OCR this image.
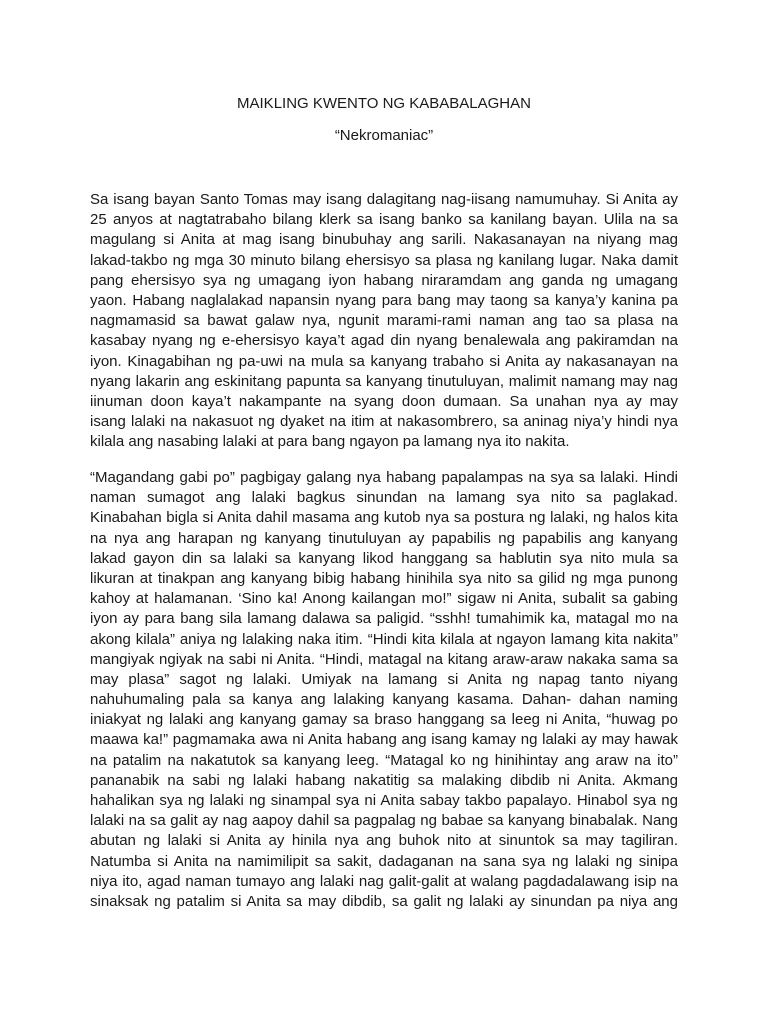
MAIKLING KWENTO NG KABABALAGHAN
“Nekromaniac”
Sa isang bayan Santo Tomas may isang dalagitang nag-iisang namumuhay. Si Anita ay
25 anyos at nagtatrabaho bilang klerk sa isang banko sa kanilang bayan. Ulila na sa
magulang si Anita at mag isang binubuhay ang sarili. Nakasanayan na niyang mag
lakad-takbo ng mga 30 minuto bilang ehersisyo sa plasa ng kanilang lugar. Naka damit
pang ehersisyo sya ng umagang iyon habang niraramdam ang ganda ng umagang
yaon. Habang naglalakad napansin nyang para bang may taong sa kanya’y kanina pa
nagmamasid sa bawat galaw nya, ngunit marami-rami naman ang tao sa plasa na
kasabay nyang ng e-ehersisyo kaya’t agad din nyang benalewala ang pakiramdan na
iyon. Kinagabihan ng pa-uwi na mula sa kanyang trabaho si Anita ay nakasanayan na
nyang lakarin ang eskinitang papunta sa kanyang tinutuluyan, malimit namang may nag
iinuman doon kaya’t nakampante na syang doon dumaan. Sa unahan nya ay may
isang lalaki na nakasuot ng dyaket na itim at nakasombrero, sa aninag niya’y hindi nya
kilala ang nasabing lalaki at para bang ngayon pa lamang nya ito nakita.
“Magandang gabi po” pagbigay galang nya habang papalampas na sya sa lalaki. Hindi
naman sumagot ang lalaki bagkus sinundan na lamang sya nito sa paglakad.
Kinabahan bigla si Anita dahil masama ang kutob nya sa postura ng lalaki, ng halos kita
na nya ang harapan ng kanyang tinutuluyan ay papabilis ng papabilis ang kanyang
lakad gayon din sa lalaki sa kanyang likod hanggang sa hablutin sya nito mula sa
likuran at tinakpan ang kanyang bibig habang hinihila sya nito sa gilid ng mga punong
kahoy at halamanan. ‘Sino ka! Anong kailangan mo!” sigaw ni Anita, subalit sa gabing
iyon ay para bang sila lamang dalawa sa paligid. “sshh! tumahimik ka, matagal mo na
akong kilala” aniya ng lalaking naka itim. “Hindi kita kilala at ngayon lamang kita nakita”
mangiyak ngiyak na sabi ni Anita. “Hindi, matagal na kitang araw-araw nakaka sama sa
may plasa” sagot ng lalaki. Umiyak na lamang si Anita ng napag tanto niyang
nahuhumaling pala sa kanya ang lalaking kanyang kasama. Dahan- dahan naming
iniakyat ng lalaki ang kanyang gamay sa braso hanggang sa leeg ni Anita, “huwag po
maawa ka!” pagmamaka awa ni Anita habang ang isang kamay ng lalaki ay may hawak
na patalim na nakatutok sa kanyang leeg. “Matagal ko ng hinihintay ang araw na ito”
pananabik na sabi ng lalaki habang nakatitig sa malaking dibdib ni Anita. Akmang
hahalikan sya ng lalaki ng sinampal sya ni Anita sabay takbo papalayo. Hinabol sya ng
lalaki na sa galit ay nag aapoy dahil sa pagpalag ng babae sa kanyang binabalak. Nang
abutan ng lalaki si Anita ay hinila nya ang buhok nito at sinuntok sa may tagiliran.
Natumba si Anita na namimilipit sa sakit, dadaganan na sana sya ng lalaki ng sinipa
niya ito, agad naman tumayo ang lalaki nag galit-galit at walang pagdadalawang isip na
sinaksak ng patalim si Anita sa may dibdib, sa galit ng lalaki ay sinundan pa niya ang
